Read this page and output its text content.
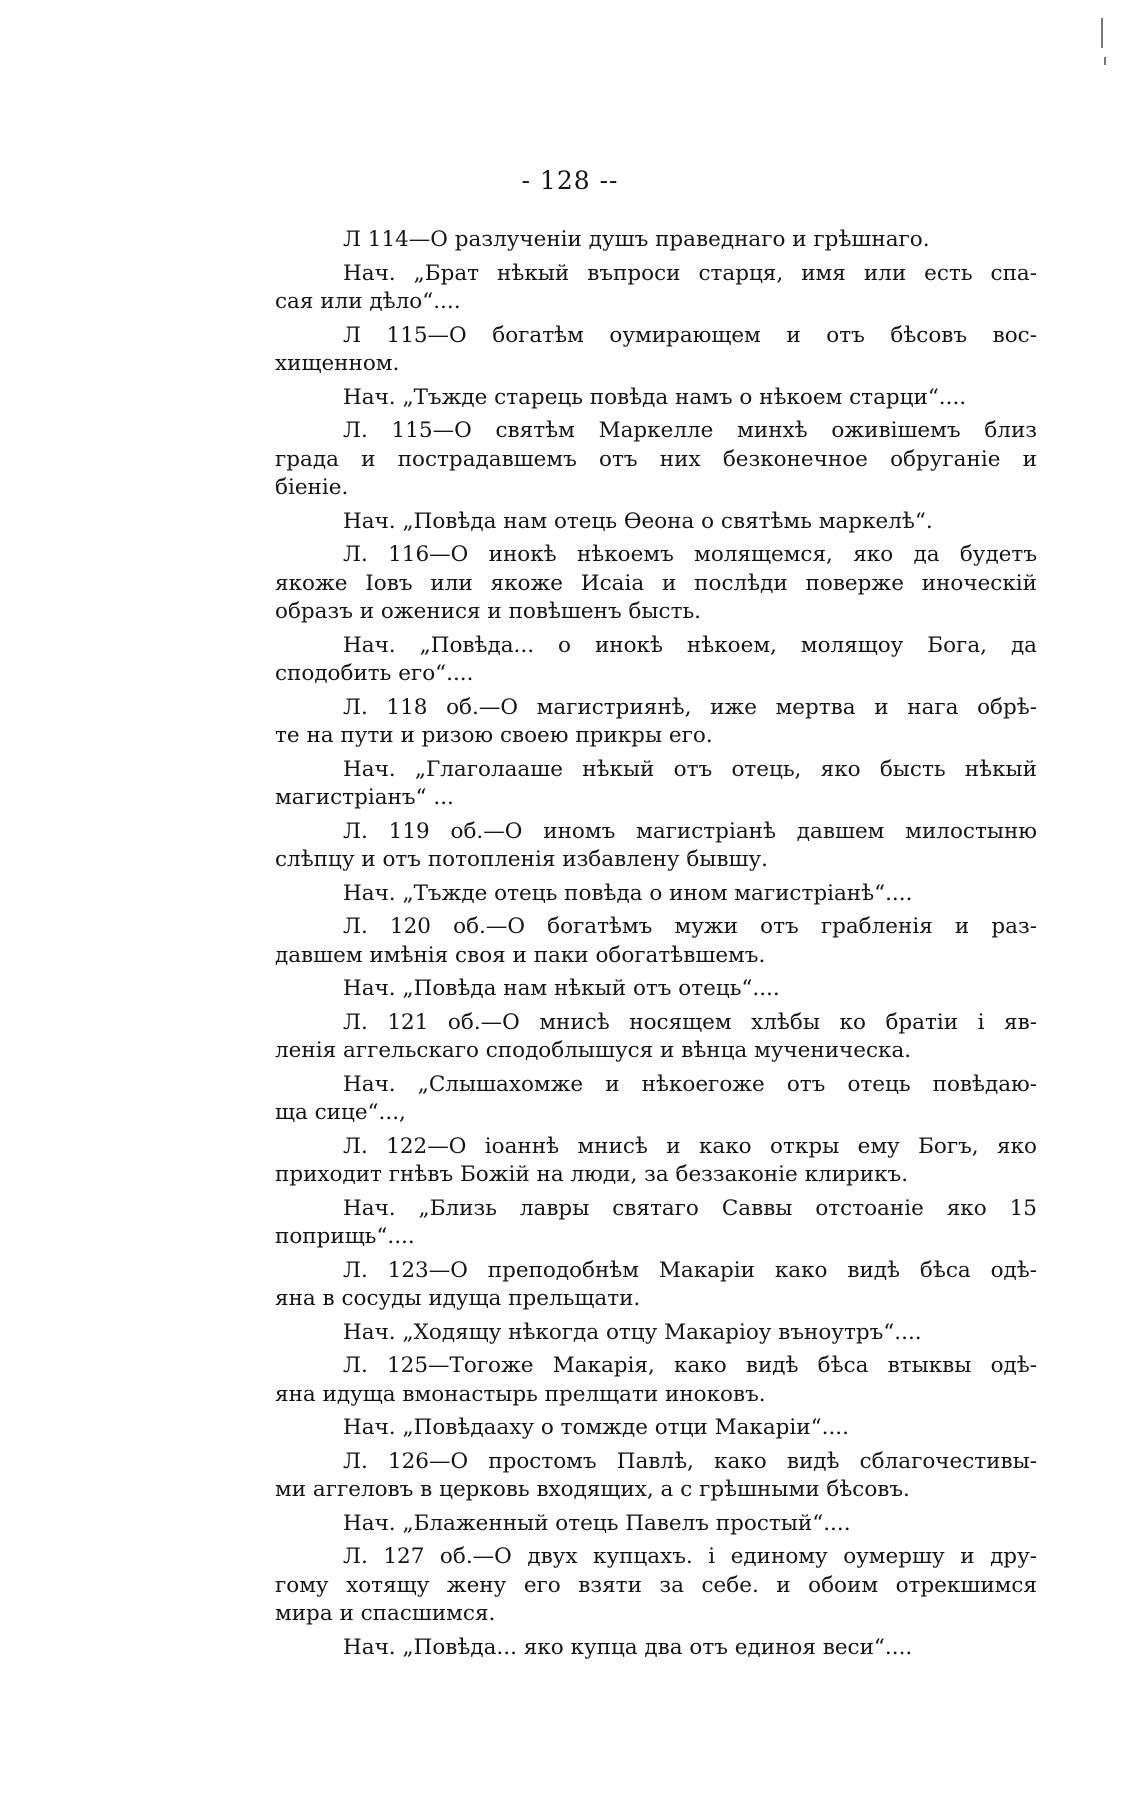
- 128 --
Л 114—О разлученіи душъ праведнаго и грѣшнаго.
Нач. „Брат нѣкый въпроси старця, имя или есть спа-
сая или дѣло“....
Л 115—О богатѣм оумирающем и отъ бѣсовъ вос-
хищенном.
Нач. „Тъжде старець повѣда намъ о нѣкоем старци“....
Л. 115—О святѣм Маркелле минхѣ оживішемъ близ
града и пострадавшемъ отъ них безконечное обруганіе и
біеніе.
Нач. „Повѣда нам отець Ѳеона о святѣмь маркелѣ“.
Л. 116—О инокѣ нѣкоемъ молящемся, яко да будетъ
якоже Іовъ или якоже Исаіа и послѣди поверже иноческій
образъ и оженися и повѣшенъ бысть.
Нач. „Повѣда... о инокѣ нѣкоем, молящоу Бога, да
сподобить его“....
Л. 118 об.—О магистриянѣ, иже мертва и нага обрѣ-
те на пути и ризою своею прикры его.
Нач. „Глаголааше нѣкый отъ отець, яко бысть нѣкый
магистріанъ“ ...
Л. 119 об.—О иномъ магистріанѣ давшем милостыню
слѣпцу и отъ потопленія избавлену бывшу.
Нач. „Тъжде отець повѣда о ином магистріанѣ“....
Л. 120 об.—О богатѣмъ мужи отъ грабленія и раз-
давшем имѣнія своя и паки обогатѣвшемъ.
Нач. „Повѣда нам нѣкый отъ отець“....
Л. 121 об.—О мнисѣ носящем хлѣбы ко братіи і яв-
ленія аггельскаго сподоблышуся и вѣнца мученическа.
Нач. „Слышахомже и нѣкоегоже отъ отець повѣдаю-
ща сице“...,
Л. 122—О іоаннѣ мнисѣ и како откры ему Богъ, яко
приходит гнѣвъ Божій на люди, за беззаконіе клирикъ.
Нач. „Близь лавры святаго Саввы отстоаніе яко 15
поприщь“....
Л. 123—О преподобнѣм Макаріи како видѣ бѣса одѣ-
яна в сосуды идуща прельщати.
Нач. „Ходящу нѣкогда отцу Макаріоу въноутръ“....
Л. 125—Тогоже Макарія, како видѣ бѣса втыквы одѣ-
яна идуща вмонастырь прелщати иноковъ.
Нач. „Повѣдааху о томжде отци Макаріи“....
Л. 126—О простомъ Павлѣ, како видѣ сблагочестивы-
ми аггеловъ в церковь входящих, а с грѣшными бѣсовъ.
Нач. „Блаженный отець Павелъ простый“....
Л. 127 об.—О двух купцахъ. і единому оумершу и дру-
гому хотящу жену его взяти за себе. и обоим отрекшимся
мира и спасшимся.
Нач. „Повѣда... яко купца два отъ единоя веси“....
